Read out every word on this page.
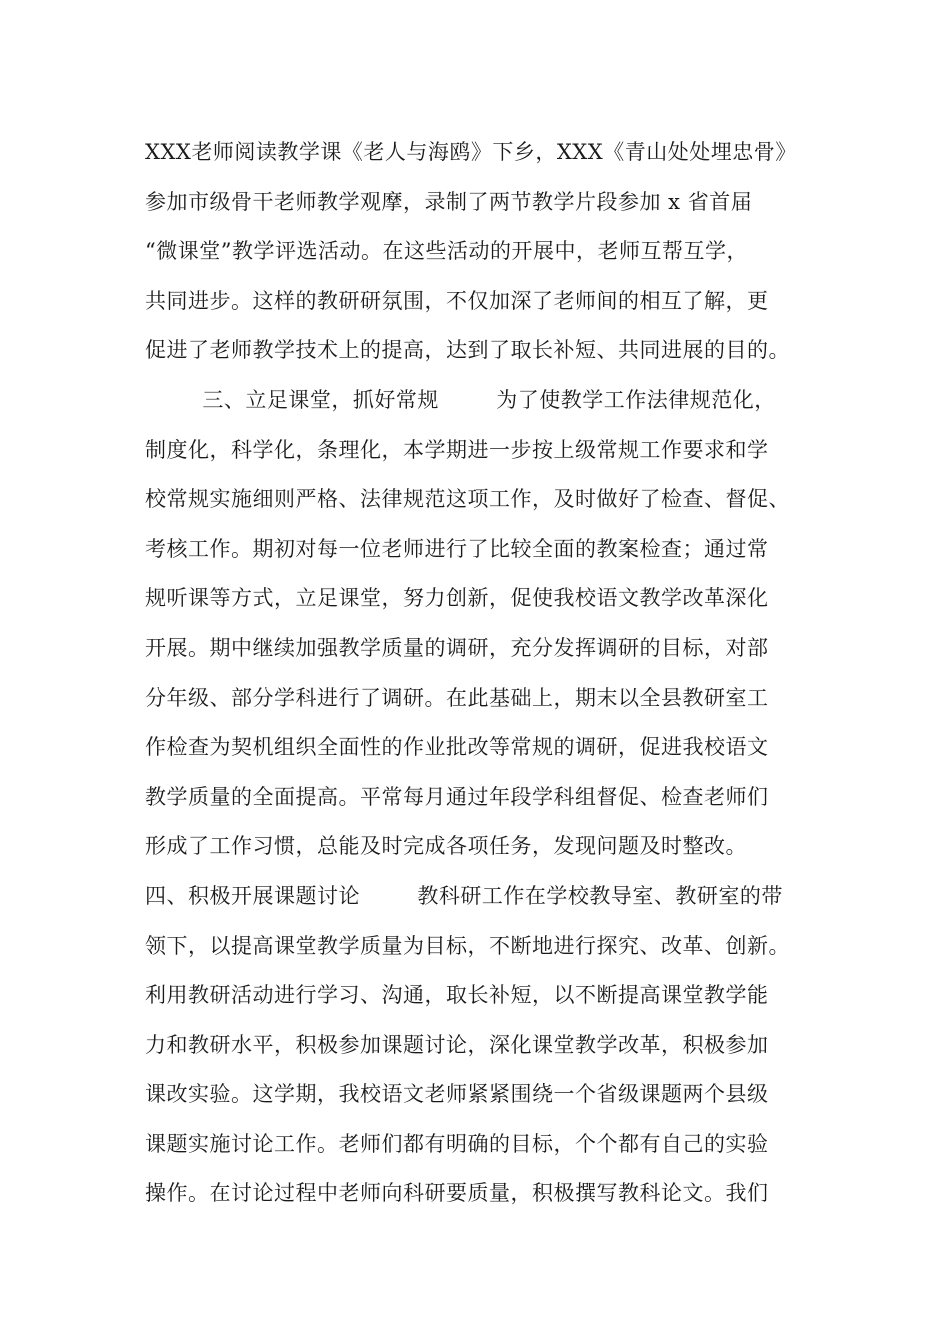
XXX老师阅读教学课《老人与海鸥》下乡，XXX《青山处处埋忠骨》
参加市级骨干老师教学观摩，录制了两节教学片段参加 x 省首届
“微课堂”教学评选活动。在这些活动的开展中，老师互帮互学，
共同进步。这样的教研研氛围，不仅加深了老师间的相互了解，更
促进了老师教学技术上的提高，达到了取长补短、共同进展的目的。
三、立足课堂，抓好常规        为了使教学工作法律规范化，
制度化，科学化，条理化，本学期进一步按上级常规工作要求和学
校常规实施细则严格、法律规范这项工作，及时做好了检查、督促、
考核工作。期初对每一位老师进行了比较全面的教案检查；通过常
规听课等方式，立足课堂，努力创新，促使我校语文教学改革深化
开展。期中继续加强教学质量的调研，充分发挥调研的目标，对部
分年级、部分学科进行了调研。在此基础上，期末以全县教研室工
作检查为契机组织全面性的作业批改等常规的调研，促进我校语文
教学质量的全面提高。平常每月通过年段学科组督促、检查老师们
形成了工作习惯，总能及时完成各项任务，发现问题及时整改。
四、积极开展课题讨论        教科研工作在学校教导室、教研室的带
领下，以提高课堂教学质量为目标，不断地进行探究、改革、创新。
利用教研活动进行学习、沟通，取长补短，以不断提高课堂教学能
力和教研水平，积极参加课题讨论，深化课堂教学改革，积极参加
课改实验。这学期，我校语文老师紧紧围绕一个省级课题两个县级
课题实施讨论工作。老师们都有明确的目标，个个都有自己的实验
操作。在讨论过程中老师向科研要质量，积极撰写教科论文。我们
